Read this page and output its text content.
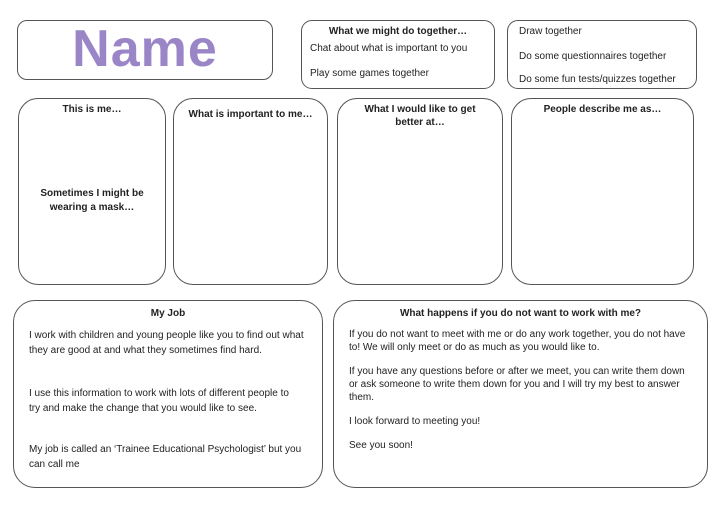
Name	What we might do together…
Chat about what is important to you
Play some games together
Draw together
Do some questionnaires together
Do some fun tests/quizzes together
This is me…
Sometimes I might be wearing a mask…
What is important to me…	What I would like to get better at…
People describe me as…
My Job
I work with children and young people like you to find out what they are good at and what they sometimes find hard.
I use this information to work with lots of different people to try and make the change that you would like to see.
My job is called an ‘Trainee Educational Psychologist’ but you can call me
What happens if you do not want to work with me?
If you do not want to meet with me or do any work together, you do not have to! We will only meet or do as much as you would like to.
If you have any questions before or after we meet, you can write them down or ask someone to write them down for you and I will try my best to answer them.
I look forward to meeting you!
See you soon!
